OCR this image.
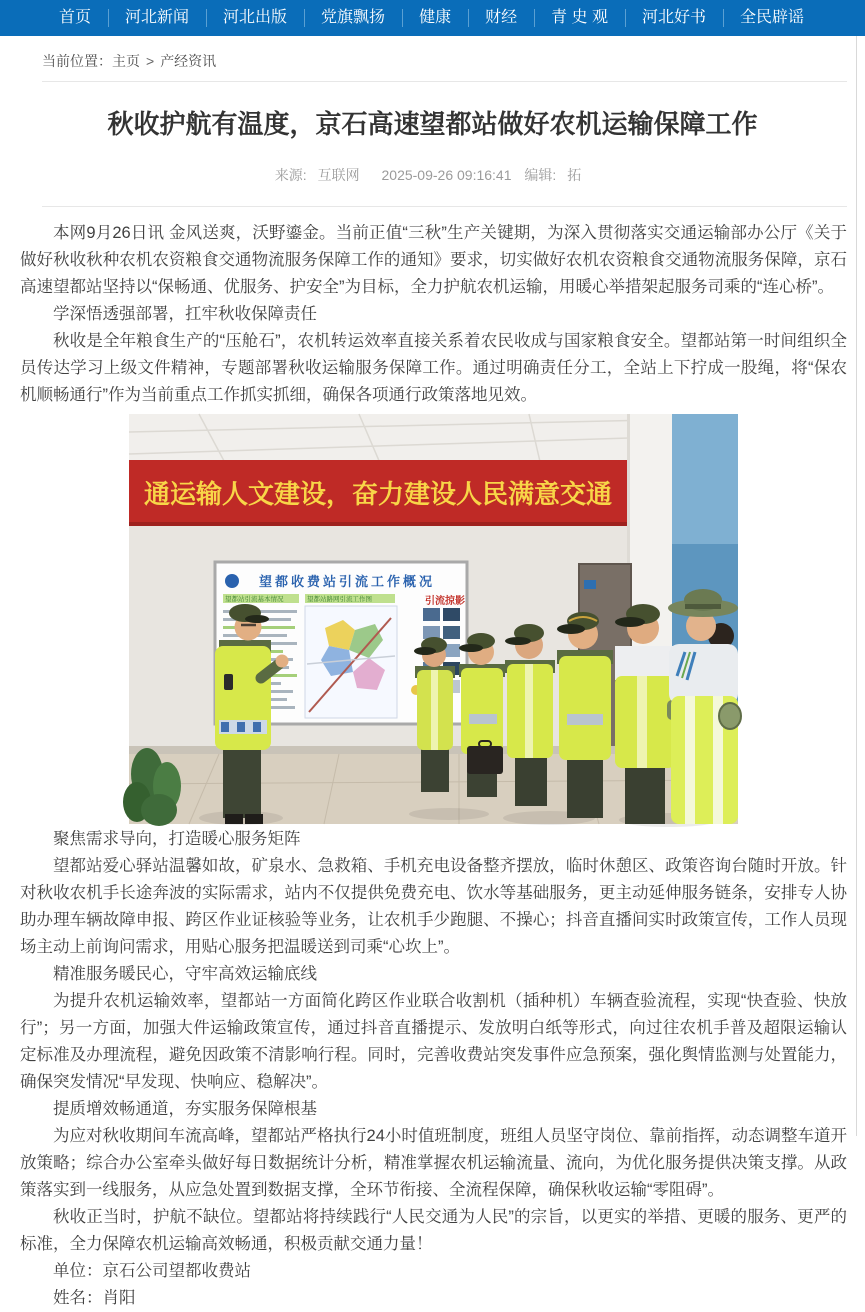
首页	河北新闻	河北出版	党旗飘扬	健康	财经	青 史 观	河北好书	全民辟谣
当前位置：主页 > 产经资讯
秋收护航有温度，京石高速望都站做好农机运输保障工作
来源: 互联网 2025-09-26 09:16:41 编辑: 拓

本网9月26日讯 金风送爽，沃野鎏金。当前正值“三秋”生产关键期，为深入贯彻落实交通运输部办公厅《关于做好秋收秋种农机农资粮食交通物流服务保障工作的通知》要求，切实做好农机农资粮食交通物流服务保障，京石高速望都站坚持以“保畅通、优服务、护安全”为目标，全力护航农机运输，用暖心举措架起服务司乘的“连心桥”。

学深悟透强部署，扛牢秋收保障责任

秋收是全年粮食生产的“压舱石”，农机转运效率直接关系着农民收成与国家粮食安全。望都站第一时间组织全员传达学习上级文件精神，专题部署秋收运输服务保障工作。通过明确责任分工，全站上下拧成一股绳，将“保农机顺畅通行”作为当前重点工作抓实抓细，确保各项通行政策落地见效。

通运输人文建设，奋力建设人民满意交通
望都收费站引流工作概况
望都站引流基本情况	望都站路网引流工作图	引流掠影

聚焦需求导向，打造暖心服务矩阵

望都站爱心驿站温馨如故，矿泉水、急救箱、手机充电设备整齐摆放，临时休憩区、政策咨询台随时开放。针对秋收农机手长途奔波的实际需求，站内不仅提供免费充电、饮水等基础服务，更主动延伸服务链条，安排专人协助办理车辆故障申报、跨区作业证核验等业务，让农机手少跑腿、不操心；抖音直播间实时政策宣传，工作人员现场主动上前询问需求，用贴心服务把温暖送到司乘“心坎上”。

精准服务暖民心，守牢高效运输底线

为提升农机运输效率，望都站一方面简化跨区作业联合收割机（插种机）车辆查验流程，实现“快查验、快放行”；另一方面，加强大件运输政策宣传，通过抖音直播提示、发放明白纸等形式，向过往农机手普及超限运输认定标准及办理流程，避免因政策不清影响行程。同时，完善收费站突发事件应急预案，强化舆情监测与处置能力，确保突发情况“早发现、快响应、稳解决”。

提质增效畅通道，夯实服务保障根基

为应对秋收期间车流高峰，望都站严格执行24小时值班制度，班组人员坚守岗位、靠前指挥，动态调整车道开放策略；综合办公室牵头做好每日数据统计分析，精准掌握农机运输流量、流向，为优化服务提供决策支撑。从政策落实到一线服务，从应急处置到数据支撑，全环节衔接、全流程保障，确保秋收运输“零阻碍”。

秋收正当时，护航不缺位。望都站将持续践行“人民交通为人民”的宗旨，以更实的举措、更暖的服务、更严的标准，全力保障农机运输高效畅通，积极贡献交通力量！

单位：京石公司望都收费站

姓名：肖阳
